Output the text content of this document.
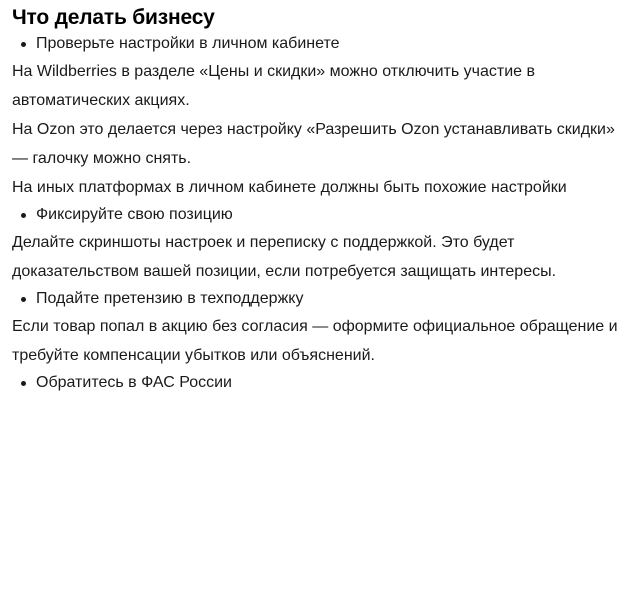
Что делать бизнесу
Проверьте настройки в личном кабинете

На Wildberries в разделе «Цены и скидки» можно отключить участие в автоматических акциях.

На Ozon это делается через настройку «Разрешить Ozon устанавливать скидки» — галочку можно снять.

На иных платформах в личном кабинете должны быть похожие настройки

Фиксируйте свою позицию

Делайте скриншоты настроек и переписку с поддержкой. Это будет доказательством вашей позиции, если потребуется защищать интересы.

Подайте претензию в техподдержку

Если товар попал в акцию без согласия — оформите официальное обращение и требуйте компенсации убытков или объяснений.

Обратитесь в ФАС России
